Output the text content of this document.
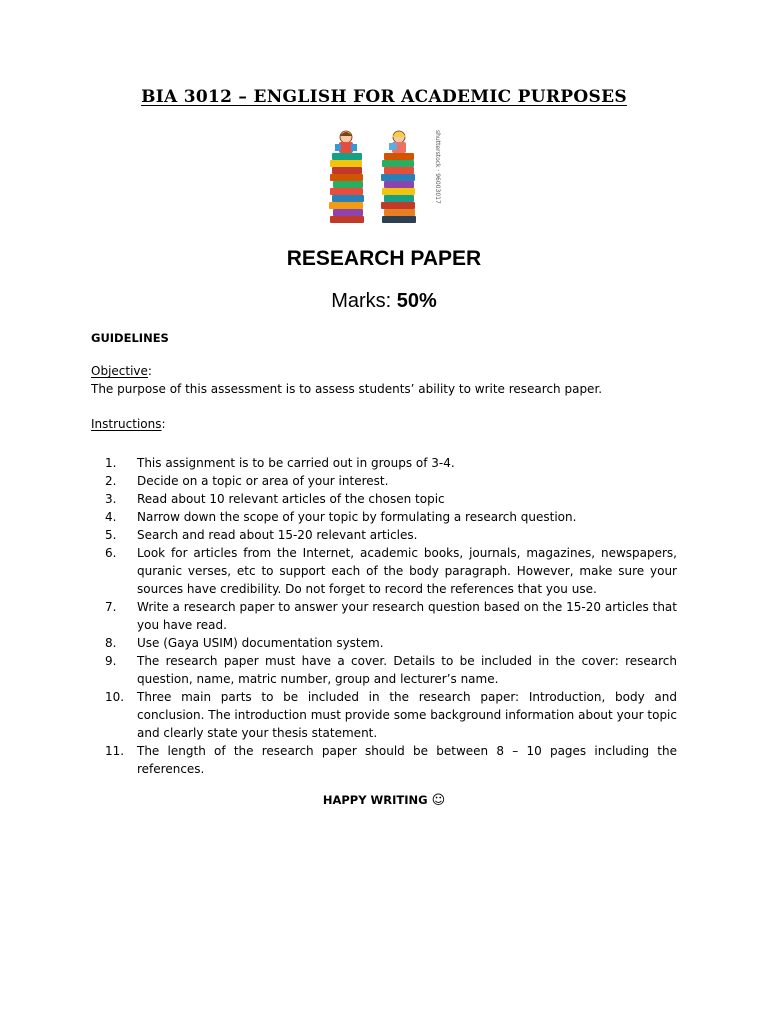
BIA 3012 – ENGLISH FOR ACADEMIC PURPOSES
shutterstock · 96003017
RESEARCH PAPER
Marks: 50%
GUIDELINES
Objective:
The purpose of this assessment is to assess students’ ability to write research paper.
Instructions:
1.	This assignment is to be carried out in groups of 3-4.
2.	Decide on a topic or area of your interest.
3.	Read about 10 relevant articles of the chosen topic
4.	Narrow down the scope of your topic by formulating a research question.
5.	Search and read about 15-20 relevant articles.
6.	Look for articles from the Internet, academic books, journals, magazines, newspapers, quranic verses, etc to support each of the body paragraph. However, make sure your sources have credibility. Do not forget to record the references that you use.
7.	Write a research paper to answer your research question based on the 15-20 articles that you have read.
8.	Use (Gaya USIM) documentation system.
9.	The research paper must have a cover. Details to be included in the cover: research question, name, matric number, group and lecturer’s name.
10.	Three main parts to be included in the research paper: Introduction, body and conclusion. The introduction must provide some background information about your topic and clearly state your thesis statement.
11.	The length of the research paper should be between 8 – 10 pages including the references.
HAPPY WRITING ☺
